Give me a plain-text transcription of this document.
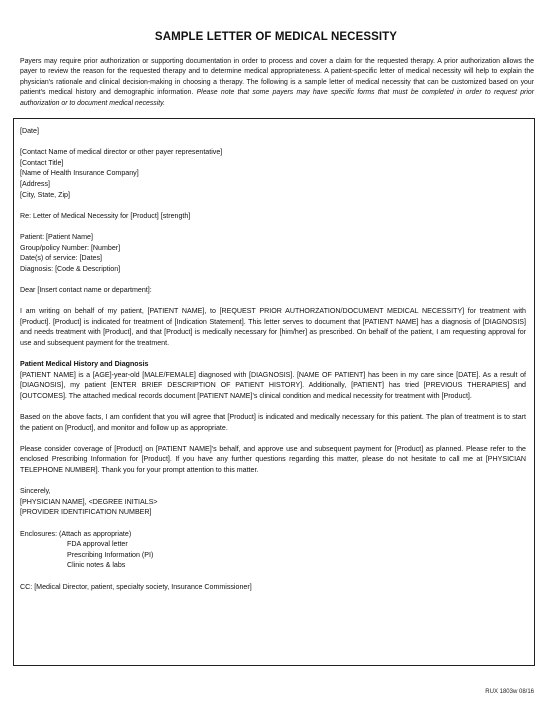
SAMPLE LETTER OF MEDICAL NECESSITY
Payers may require prior authorization or supporting documentation in order to process and cover a claim for the requested therapy. A prior authorization allows the payer to review the reason for the requested therapy and to determine medical appropriateness. A patient-specific letter of medical necessity will help to explain the physician's rationale and clinical decision-making in choosing a therapy. The following is a sample letter of medical necessity that can be customized based on your patient's medical history and demographic information. Please note that some payers may have specific forms that must be completed in order to request prior authorization or to document medical necessity.

[Date]

[Contact Name of medical director or other payer representative]

[Contact Title]

[Name of Health Insurance Company]

[Address]

[City, State, Zip]

Re: Letter of Medical Necessity for [Product] [strength]

Patient: [Patient Name]

Group/policy Number: [Number]

Date(s) of service: [Dates]

Diagnosis: [Code & Description]

Dear [Insert contact name or department]:

I am writing on behalf of my patient, [PATIENT NAME], to [REQUEST PRIOR AUTHORZATION/DOCUMENT MEDICAL NECESSITY] for treatment with [Product]. [Product] is indicated for treatment of [Indication Statement]. This letter serves to document that [PATIENT NAME] has a diagnosis of [DIAGNOSIS] and needs treatment with [Product], and that [Product] is medically necessary for [him/her] as prescribed. On behalf of the patient, I am requesting approval for use and subsequent payment for the treatment.

Patient Medical History and Diagnosis

[PATIENT NAME] is a [AGE]-year-old [MALE/FEMALE] diagnosed with [DIAGNOSIS]. [NAME OF PATIENT] has been in my care since [DATE]. As a result of [DIAGNOSIS], my patient [ENTER BRIEF DESCRIPTION OF PATIENT HISTORY]. Additionally, [PATIENT] has tried [PREVIOUS THERAPIES] and [OUTCOMES]. The attached medical records document [PATIENT NAME]'s clinical condition and medical necessity for treatment with [Product].

Based on the above facts, I am confident that you will agree that [Product] is indicated and medically necessary for this patient. The plan of treatment is to start the patient on [Product], and monitor and follow up as appropriate.

Please consider coverage of [Product] on [PATIENT NAME]'s behalf, and approve use and subsequent payment for [Product] as planned. Please refer to the enclosed Prescribing Information for [Product]. If you have any further questions regarding this matter, please do not hesitate to call me at [PHYSICIAN TELEPHONE NUMBER]. Thank you for your prompt attention to this matter.

Sincerely,

[PHYSICIAN NAME], <DEGREE INITIALS>

[PROVIDER IDENTIFICATION NUMBER]

Enclosures: (Attach as appropriate)

FDA approval letter

Prescribing Information (PI)

Clinic notes & labs

CC: [Medical Director, patient, specialty society, Insurance Commissioner]

RUX 1803w 08/16
